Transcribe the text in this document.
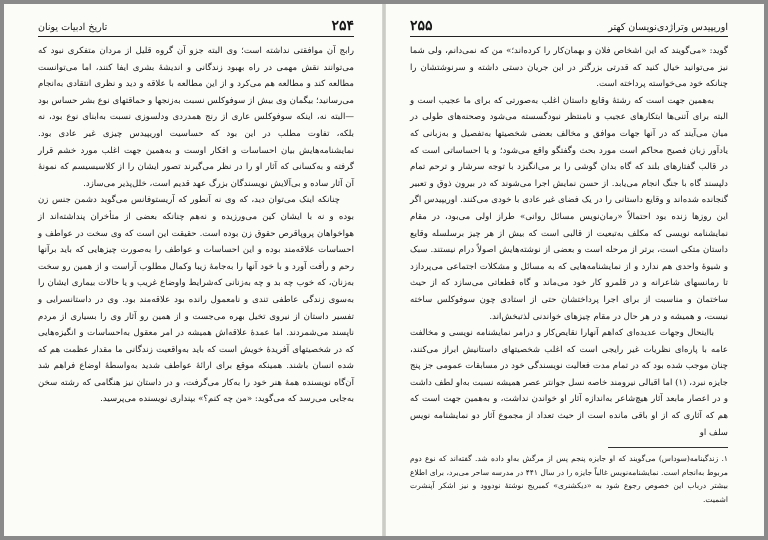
۲۵۴
تاریخ ادبیات یونان

رابج آن موافقتی نداشته است؛ وی البته جزو آن گروه قلیل از مردان متفکری نبود که می‌توانند نقش مهمی در راه بهبود زندگانی و اندیشهٔ بشری ایفا کنند، اما می‌توانست مطالعه کند و مطالعه هم می‌کرد و از این مطالعه با علاقه و دید و نظری انتقادی به‌انجام می‌رسانید؛ بیگمان وی بیش از سوفوکلس نسبت به‌زنجها و حماقتهای نوع بشر حساس بود —البته نه، اینکه سوفوکلس عاری از رنج همدردی ودلسوزی نسبت به‌ابنای نوع بود، نه بلکه، تفاوت مطلب در این بود که حساسیت اوریپیدس چیزی غیر عادی بود. نمایشنامه‌هایش بیان احساسات و افکار اوست و به‌همین جهت اغلب مورد خشم قرار گرفته و به‌کسانی که آثار او را در نظر می‌گیرند تصور ایشان را از کلاسیسیسم که نمونهٔ آن آثار ساده و بی‌آلایش نویسندگان بزرگ عهد قدیم است، خلل‌پذیر می‌سازد.

چنانکه اینک می‌توان دید، که وی نه آنطور که آریستوفانس می‌گوید دشمن جنس زن بوده و نه با ایشان کین می‌ورزیده و نه‌هم چنانکه بعضی از متأخران پنداشته‌اند از هواخواهان پروپاقرص حقوق زن بوده است. حقیقت این است که وی سخت در عواطف و احساسات علاقه‌مند بوده و این احساسات و عواطف را به‌صورت چیزهایی که باید برآنها رحم و رأفت آورد و با خود آنها را به‌جامهٔ زیبا وکمال مطلوب آراست و از همین رو سخت به‌زنان، که خوب چه بد و چه به‌زنانی که‌شرایط واوضاع غریب و یا حالات بیماری ایشان را به‌سوی زندگی عاطفی تندی و نامعمول رانده بود علاقه‌مند بود. وی در داستانسرایی و تفسیر داستان از نیروی تخیل بهره می‌جست و از همین رو آثار وی را بسیاری از مردم ناپسند می‌شمردند. اما عمدهٔ علاقه‌اش همیشه در امر معقول به‌احساسات و انگیزه‌هایی که در شخصیتهای آفریدهٔ خویش است که باید به‌واقعیت زندگانی ما مقدار عظمت هم که شده انسان باشند. همینکه موقع برای ارائهٔ عواطف شدید به‌واسطهٔ اوضاع فراهم شد آن‌گاه نویسنده همهٔ هنر خود را به‌کار می‌گرفت، و در داستان نیز هنگامی که رشته سخن به‌جایی می‌رسد که می‌گوید: «من چه کنم؟» بپنداری نویسنده می‌پرسید.

اوریپیدس وتراژدی‌نویسان کهتر
۲۵۵

گوید: «می‌گویند که این اشخاص فلان و بهمان‌کار را کرده‌اند؛» من که نمی‌دانم، ولی شما نیز می‌توانید خیال کنید که قدرتی بزرگتر در این جریان دستی داشته و سرنوشتشان را چنانکه خود می‌خواسته پرداخته است.

به‌همین جهت است که رشتهٔ وقایع داستان اغلب به‌صورتی که برای ما عجیب است و البته برای آتنی‌ها ابتکارهای عجیب و نامنتظر نبودگسسته می‌شود وصحنه‌های طولی در میان می‌آیند که در آنها جهات موافق و مخالف بعضی شخصیتها به‌تفصیل و به‌زبانی که یادآور زبان فصیح محاکم است مورد بحث وگفتگو واقع می‌شود؛ و یا احساساتی است که در قالب گفتارهای بلند که گاه بدان گوشی را بر می‌انگیزد با توجه سرشار و ترحم تمام دلپسند گاه با جنگ انجام می‌یابد. از حسن نمایش اجرا می‌شوند که در بیرون ذوق و تعبیر گنجانده شده‌اند و وقایع داستانی را در یک فضای غیر عادی با خودی می‌کنند. اوریپیدس اگر این روزها زنده بود احتمالاً «رمان‌نویس مسائل روانی» طراز اولی می‌بود، در مقام نمایشنامه نویسی که مکلف به‌تبعیت از قالبی است که بیش از هر چیز برسلسله وقایع داستان متکی است، برتر از مرحله است و بعضی از نوشته‌هایش اصولاً درام نیستند. سبک و شیوهٔ واحدی هم ندارد و از نمایشنامه‌هایی که به مسائل و مشکلات اجتماعی می‌پردازد تا رمانسهای شاعرانه و در قلمرو کار خود می‌ماند و گاه قطعاتی می‌سازد که از حیث ساختمان و مناسبت از برای اجرا پرداختشان حتی از استادی چون سوفوکلس ساخته نیست، و همیشه و در هر حال در مقام چیزهای خواندنی لذتبخش‌اند.

بااینحال وجهات عدیده‌ای که‌اهم آنهارا نقایص‌کار و درامر نمایشنامه نویسی و مخالفت عامه با پاره‌ای نظریات غیر رایجی است که اغلب شخصیتهای داستانیش ابراز می‌کنند، چنان موجب شده بود که در تمام مدت فعالیت نویسندگی خود در مسابقات عمومی جز پنج جایزه نبرد، (۱) اما اقبالی نیرومند خاصه نسل جوانتر عصر همیشه نسبت به‌او لطف داشت و در اعصار مابعد آثار هیچ‌شاعر به‌اندازه آثار او خواندن نداشت، و به‌همین جهت است که هم که آثاری که از او باقی مانده است از حیث تعداد از مجموع آثار دو نمایشنامه نویس سلف او

۱. زندگینامه(سوداس) می‌گویند که او جایزه پنجم پس از مرگش به‌او داده شد. گفته‌اند که نوع دوم مربوط به‌انجام است. نمایشنامه‌نویس غالباً جایزه را در سال ۴۴۱ در مدرسه ساحر می‌برد، برای اطلاع بیشتر درباب این خصوص رجوع شود به «دیکشنری» کمبریج نوشتهٔ نودوود و نیز اشکر آپنشرت اشمیت.
